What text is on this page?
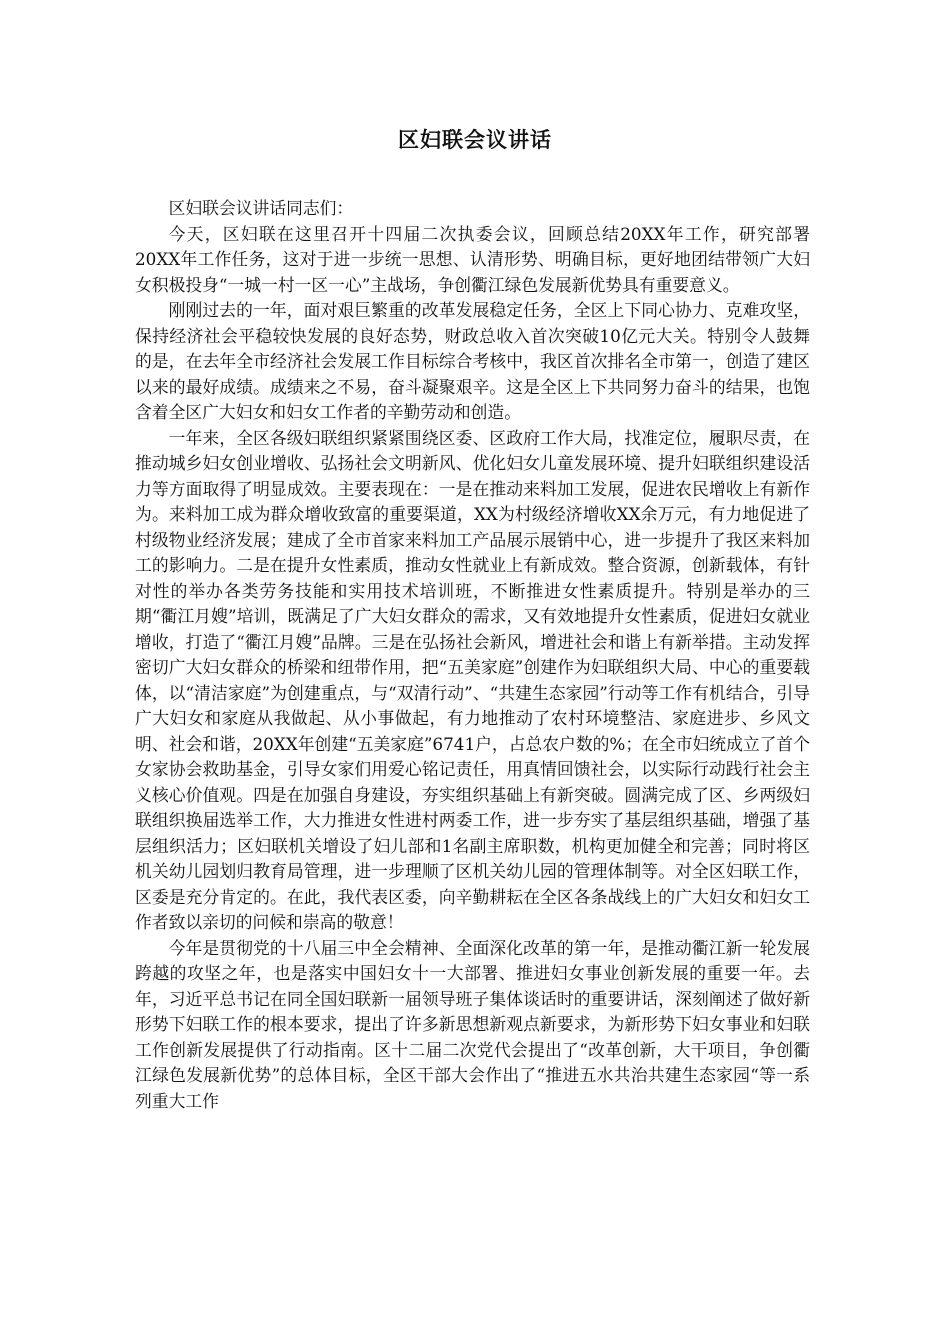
区妇联会议讲话

区妇联会议讲话同志们：

今天，区妇联在这里召开十四届二次执委会议，回顾总结20XX年工作，研究部署20XX年工作任务，这对于进一步统一思想、认清形势、明确目标，更好地团结带领广大妇女积极投身“一城一村一区一心”主战场，争创衢江绿色发展新优势具有重要意义。

刚刚过去的一年，面对艰巨繁重的改革发展稳定任务，全区上下同心协力、克难攻坚，保持经济社会平稳较快发展的良好态势，财政总收入首次突破10亿元大关。特别令人鼓舞的是，在去年全市经济社会发展工作目标综合考核中，我区首次排名全市第一，创造了建区以来的最好成绩。成绩来之不易，奋斗凝聚艰辛。这是全区上下共同努力奋斗的结果，也饱含着全区广大妇女和妇女工作者的辛勤劳动和创造。

一年来，全区各级妇联组织紧紧围绕区委、区政府工作大局，找准定位，履职尽责，在推动城乡妇女创业增收、弘扬社会文明新风、优化妇女儿童发展环境、提升妇联组织建设活力等方面取得了明显成效。主要表现在：一是在推动来料加工发展，促进农民增收上有新作为。来料加工成为群众增收致富的重要渠道，XX为村级经济增收XX余万元，有力地促进了村级物业经济发展；建成了全市首家来料加工产品展示展销中心，进一步提升了我区来料加工的影响力。二是在提升女性素质，推动女性就业上有新成效。整合资源，创新载体，有针对性的举办各类劳务技能和实用技术培训班，不断推进女性素质提升。特别是举办的三期“衢江月嫂”培训，既满足了广大妇女群众的需求，又有效地提升女性素质，促进妇女就业增收，打造了“衢江月嫂”品牌。三是在弘扬社会新风，增进社会和谐上有新举措。主动发挥密切广大妇女群众的桥梁和纽带作用，把“五美家庭”创建作为妇联组织大局、中心的重要载体，以“清洁家庭”为创建重点，与“双清行动”、“共建生态家园”行动等工作有机结合，引导广大妇女和家庭从我做起、从小事做起，有力地推动了农村环境整洁、家庭进步、乡风文明、社会和谐，20XX年创建“五美家庭”6741户，占总农户数的%；在全市妇统成立了首个女家协会救助基金，引导女家们用爱心铭记责任，用真情回馈社会，以实际行动践行社会主义核心价值观。四是在加强自身建设，夯实组织基础上有新突破。圆满完成了区、乡两级妇联组织换届选举工作，大力推进女性进村两委工作，进一步夯实了基层组织基础，增强了基层组织活力；区妇联机关增设了妇儿部和1名副主席职数，机构更加健全和完善；同时将区机关幼儿园划归教育局管理，进一步理顺了区机关幼儿园的管理体制等。对全区妇联工作，区委是充分肯定的。在此，我代表区委，向辛勤耕耘在全区各条战线上的广大妇女和妇女工作者致以亲切的问候和崇高的敬意！

今年是贯彻党的十八届三中全会精神、全面深化改革的第一年，是推动衢江新一轮发展跨越的攻坚之年，也是落实中国妇女十一大部署、推进妇女事业创新发展的重要一年。去年，习近平总书记在同全国妇联新一届领导班子集体谈话时的重要讲话，深刻阐述了做好新形势下妇联工作的根本要求，提出了许多新思想新观点新要求，为新形势下妇女事业和妇联工作创新发展提供了行动指南。区十二届二次党代会提出了“改革创新，大干项目，争创衢江绿色发展新优势”的总体目标，全区干部大会作出了“推进五水共治共建生态家园“等一系列重大工作
